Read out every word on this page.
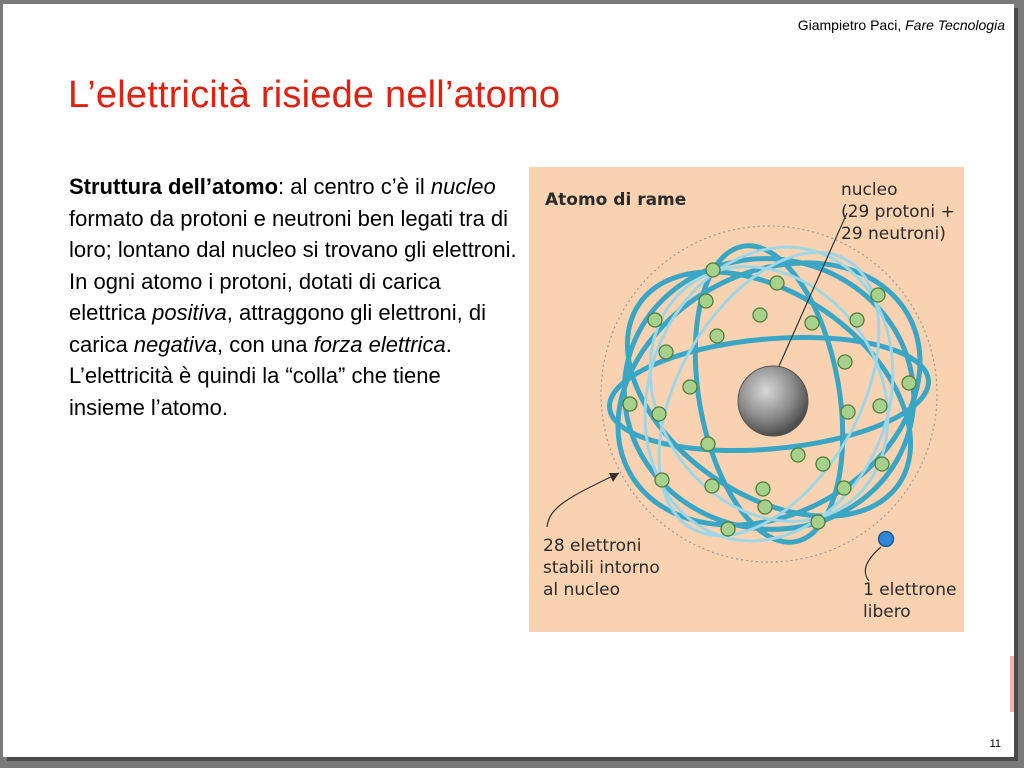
Giampietro Paci, Fare Tecnologia
L’elettricità risiede nell’atomo
Struttura dell’atomo: al centro c’è il nucleo formato da protoni e neutroni ben legati tra di loro; lontano dal nucleo si trovano gli elettroni.
In ogni atomo i protoni, dotati di carica elettrica positiva, attraggono gli elettroni, di carica negativa, con una forza elettrica. L’elettricità è quindi la “colla” che tiene insieme l’atomo.
Atomo di rame	nucleo
(29 protoni +
29 neutroni)
28 elettroni
stabili intorno
al nucleo	1 elettrone
libero
11
